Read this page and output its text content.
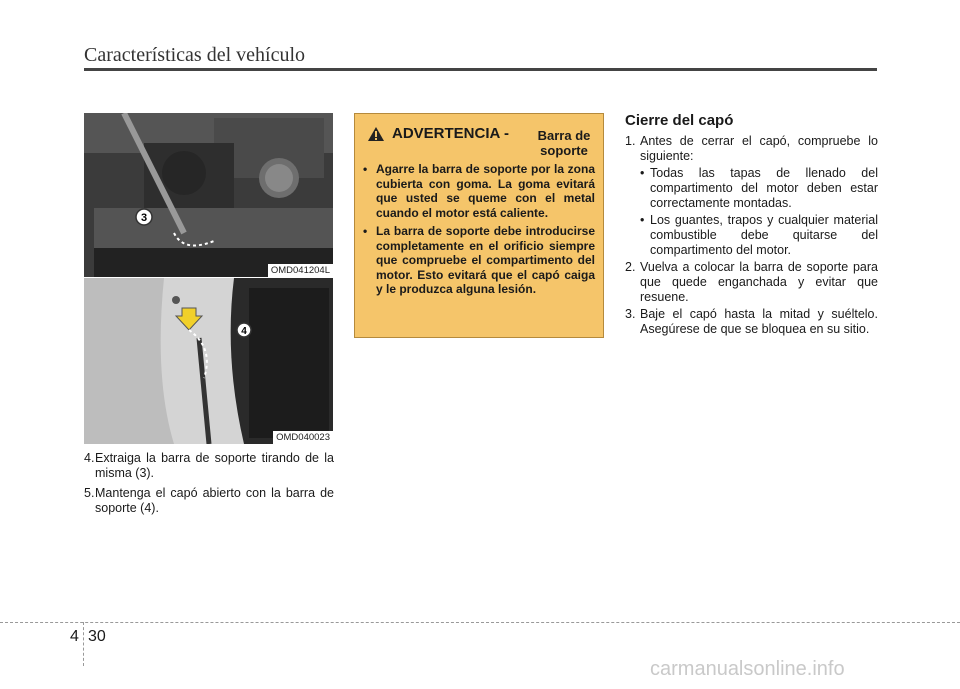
Características del vehículo
3
OMD041204L
4
OMD040023
4. Extraiga la barra de soporte tirando de la misma (3).
5. Mantenga el capó abierto con la barra de soporte (4).
ADVERTENCIA -	Barra de soporte
• Agarre la barra de soporte por la zona cubierta con goma. La goma evitará que usted se queme con el metal cuando el motor está caliente.
• La barra de soporte debe introducirse completamente en el orificio siempre que compruebe el compartimento del motor. Esto evitará que el capó caiga y le produzca alguna lesión.
Cierre del capó
1. Antes de cerrar el capó, compruebe lo siguiente:
• Todas las tapas de llenado del compartimento del motor deben estar correctamente montadas.
• Los guantes, trapos y cualquier material combustible debe quitarse del compartimento del motor.
2. Vuelva a colocar la barra de soporte para que quede enganchada y evitar que resuene.
3. Baje el capó hasta la mitad y suéltelo. Asegúrese de que se bloquea en su sitio.
4 30
carmanualsonline.info
